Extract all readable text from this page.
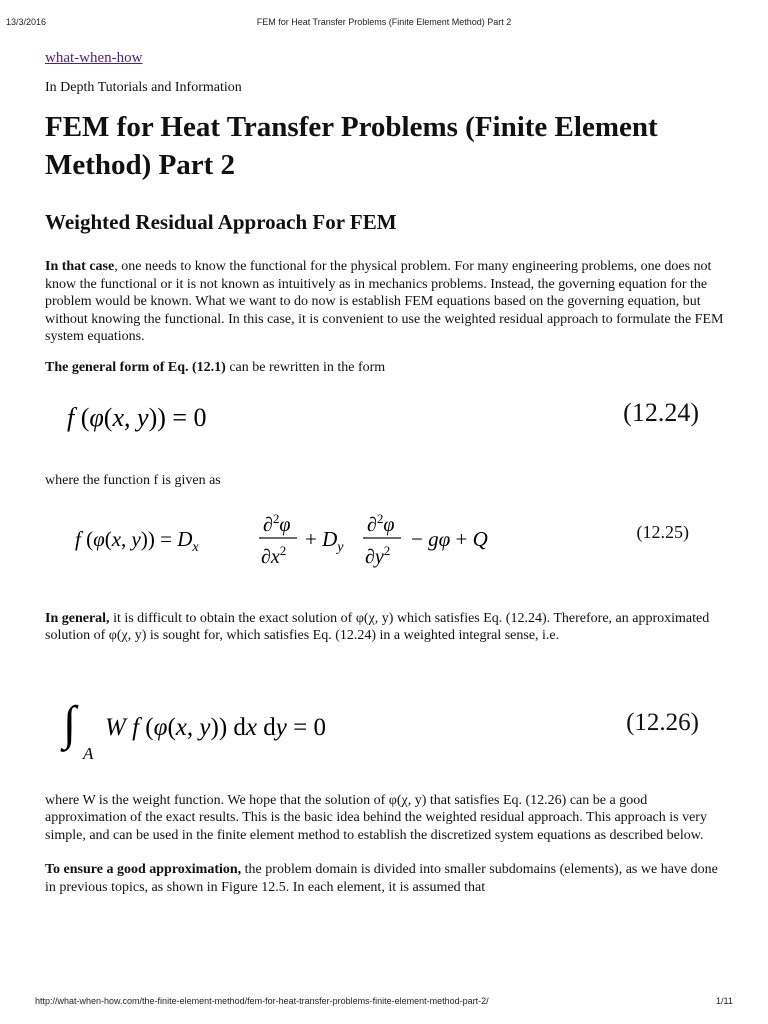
13/3/2016	FEM for Heat Transfer Problems (Finite Element Method) Part 2
what-when-how
In Depth Tutorials and Information
FEM for Heat Transfer Problems (Finite Element Method) Part 2
Weighted Residual Approach For FEM

In that case, one needs to know the functional for the physical problem. For many engineering problems, one does not know the functional or it is not known as intuitively as in mechanics problems. Instead, the governing equation for the problem would be known. What we want to do now is establish FEM equations based on the governing equation, but without knowing the functional. In this case, it is convenient to use the weighted residual approach to formulate the FEM system equations.

The general form of Eq. (12.1) can be rewritten in the form

f (φ(x, y)) = 0	(12.24)

where the function f is given as

f (φ(x, $y)) = D_x$
∂$^2$φ
$\partial x^2 + D_y$
∂$^2$φ
$\partial y^2 - g\varphi + Q$	(12.25)

In general, it is difficult to obtain the exact solution of φ(χ, y) which satisfies Eq. (12.24). Therefore, an approximated solution of φ(χ, y) is sought for, which satisfies Eq. (12.24) in a weighted integral sense, i.e.

∫
A
W f (φ(x, y)) dx dy = 0	(12.26)

where W is the weight function. We hope that the solution of φ(χ, y) that satisfies Eq. (12.26) can be a good approximation of the exact results. This is the basic idea behind the weighted residual approach. This approach is very simple, and can be used in the finite element method to establish the discretized system equations as described below.

To ensure a good approximation, the problem domain is divided into smaller subdomains (elements), as we have done in previous topics, as shown in Figure 12.5. In each element, it is assumed that

http://what-when-how.com/the-finite-element-method/fem-for-heat-transfer-problems-finite-element-method-part-2/	1/11
